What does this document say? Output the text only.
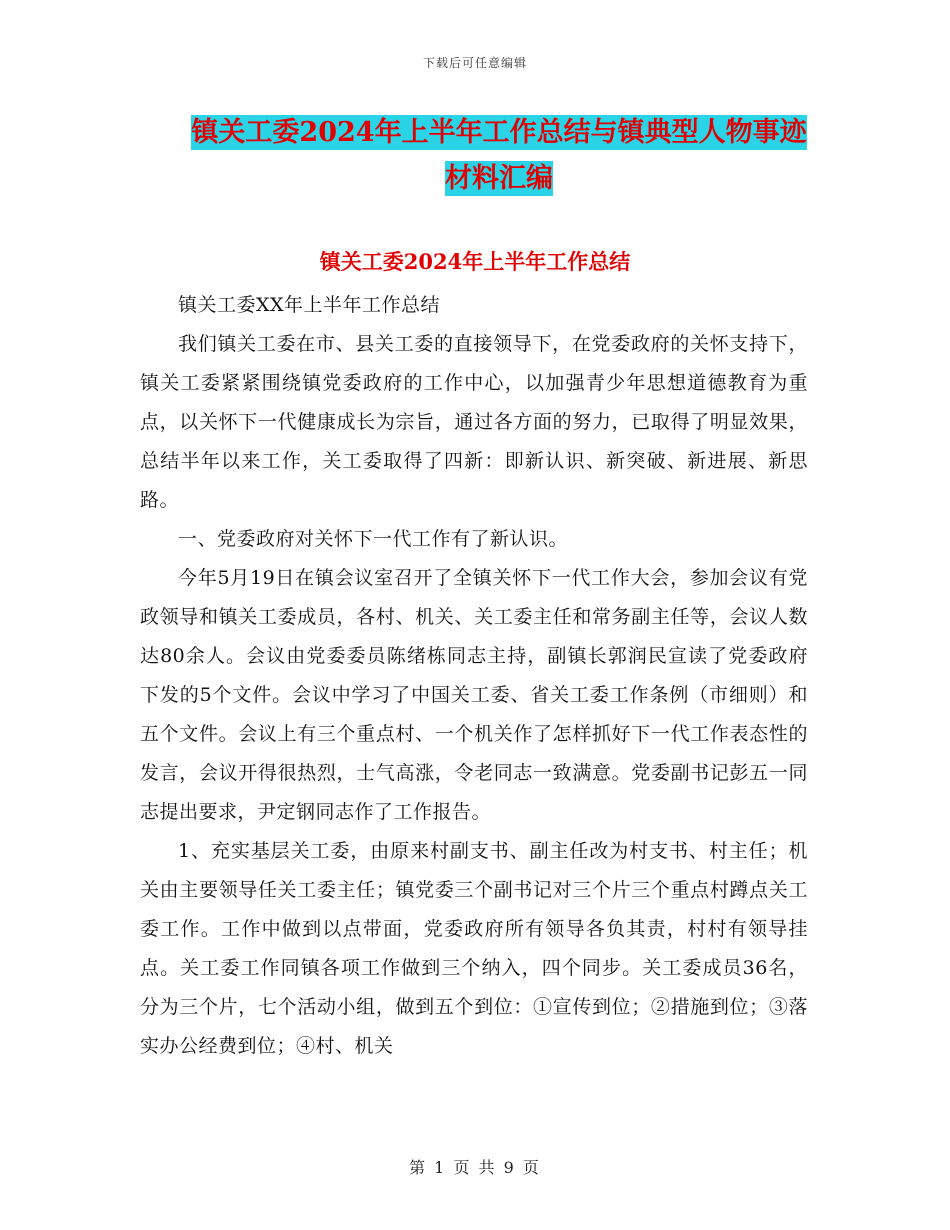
下载后可任意编辑
镇关工委2024年上半年工作总结与镇典型人物事迹材料汇编
镇关工委2024年上半年工作总结

镇关工委XX年上半年工作总结

我们镇关工委在市、县关工委的直接领导下，在党委政府的关怀支持下，镇关工委紧紧围绕镇党委政府的工作中心，以加强青少年思想道德教育为重点，以关怀下一代健康成长为宗旨，通过各方面的努力，已取得了明显效果，总结半年以来工作，关工委取得了四新：即新认识、新突破、新进展、新思路。

一、党委政府对关怀下一代工作有了新认识。

今年5月19日在镇会议室召开了全镇关怀下一代工作大会，参加会议有党政领导和镇关工委成员，各村、机关、关工委主任和常务副主任等，会议人数达80余人。会议由党委委员陈绪栋同志主持，副镇长郭润民宣读了党委政府下发的5个文件。会议中学习了中国关工委、省关工委工作条例（市细则）和五个文件。会议上有三个重点村、一个机关作了怎样抓好下一代工作表态性的发言，会议开得很热烈，士气高涨，令老同志一致满意。党委副书记彭五一同志提出要求，尹定钢同志作了工作报告。

1、充实基层关工委，由原来村副支书、副主任改为村支书、村主任；机关由主要领导任关工委主任；镇党委三个副书记对三个片三个重点村蹲点关工委工作。工作中做到以点带面，党委政府所有领导各负其责，村村有领导挂点。关工委工作同镇各项工作做到三个纳入，四个同步。关工委成员36名，分为三个片，七个活动小组，做到五个到位：①宣传到位；②措施到位；③落实办公经费到位；④村、机关

第 1 页 共 9 页
